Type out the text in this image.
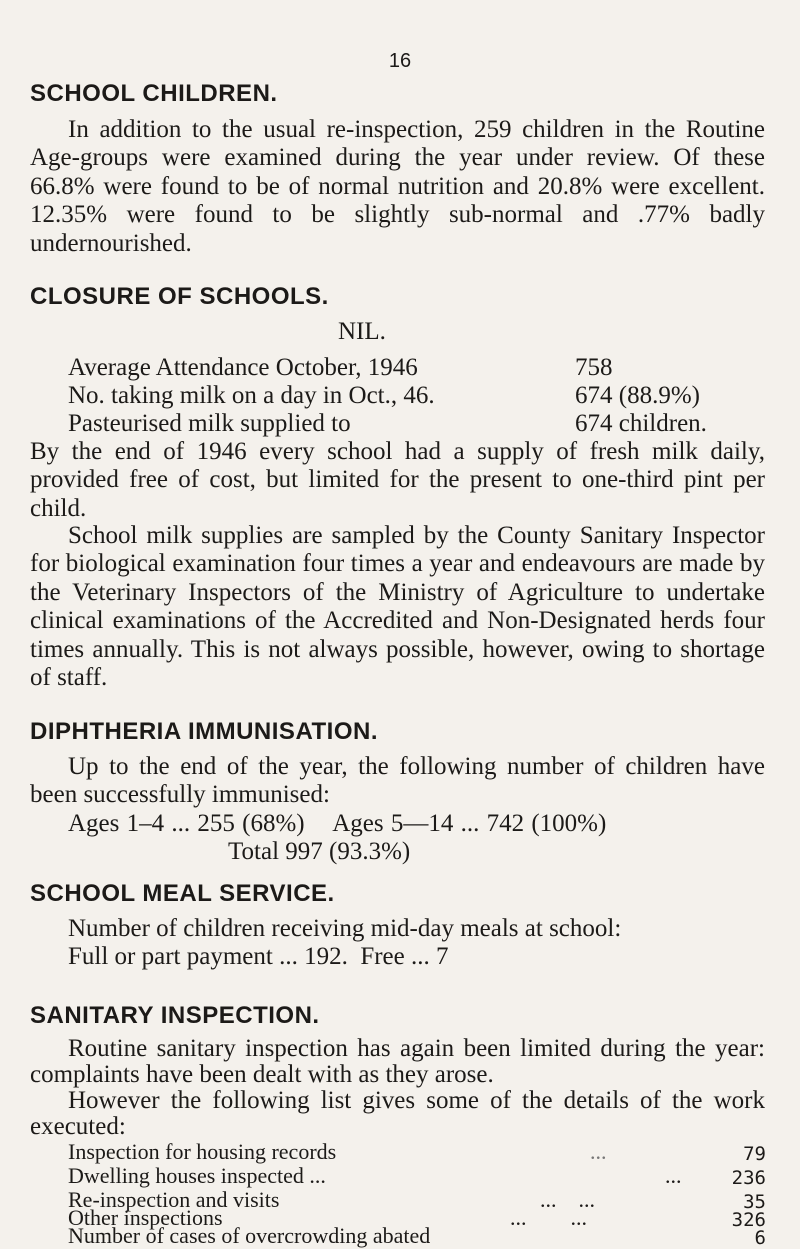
16
SCHOOL CHILDREN.
In addition to the usual re-inspection, 259 children in the Routine Age-groups were examined during the year under review. Of these 66.8% were found to be of normal nutrition and 20.8% were excellent. 12.35% were found to be slightly sub-normal and .77% badly undernourished.
CLOSURE OF SCHOOLS.
NIL.
Average Attendance October, 1946	758
No. taking milk on a day in Oct., 46.	674 (88.9%)
Pasteurised milk supplied to	674 children.
By the end of 1946 every school had a supply of fresh milk daily, provided free of cost, but limited for the present to one-third pint per child.
School milk supplies are sampled by the County Sanitary Inspector for biological examination four times a year and endeavours are made by the Veterinary Inspectors of the Ministry of Agriculture to undertake clinical examinations of the Accredited and Non-Designated herds four times annually. This is not always possible, however, owing to shortage of staff.
DIPHTHERIA IMMUNISATION.
Up to the end of the year, the following number of children have been successfully immunised:
Ages 1–4 ... 255 (68%)    Ages 5—14 ... 742 (100%)
Total 997 (93.3%)
SCHOOL MEAL SERVICE.
Number of children receiving mid-day meals at school:
Full or part payment ... 192.  Free ... 7
SANITARY INSPECTION.
Routine sanitary inspection has again been limited during the year: complaints have been dealt with as they arose.
However the following list gives some of the details of the work executed:
Inspection for housing records	...	79
Dwelling houses inspected ...	...	236
Re-inspection and visits	...    ...	35
Other inspections	...        ...	326
Number of cases of overcrowding abated	6
